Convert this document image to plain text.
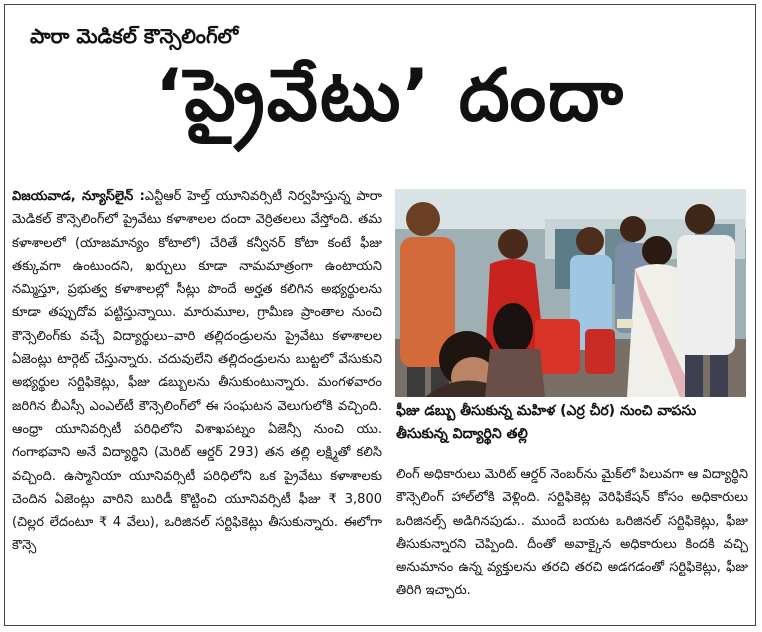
పారా మెడికల్ కౌన్సెలింగ్‌లో
‘ప్రైవేటు’ దందా
విజయవాడ, న్యూస్‌లైన్ :ఎన్టీఆర్ హెల్త్ యూనివర్సిటీ నిర్వహిస్తున్న పారా మెడికల్ కౌన్సెలింగ్‌లో ప్రైవేటు కళాశాలల దందా వెర్రితలలు వేస్తోంది. తమ కళాశాలలో (యాజమాన్యం కోటాలో) చేరితే కన్వీనర్ కోటా కంటే ఫీజు తక్కువగా ఉంటుందని, ఖర్చులు కూడా నామమాత్రంగా ఉంటాయని నమ్మిస్తూ, ప్రభుత్వ కళాశాలల్లో సీట్లు పొందే అర్హత కలిగిన అభ్యర్థులను కూడా తప్పుదోవ పట్టిస్తున్నాయి. మారుమూల, గ్రామీణ ప్రాంతాల నుంచి కౌన్సెలింగ్‌కు వచ్చే విద్యార్థులు–వారి తల్లిదండ్రులను ప్రైవేటు కళాశాలల ఏజెంట్లు టార్గెట్ చేస్తున్నారు. చదువులేని తల్లిదండ్రులను బుట్టలో వేసుకుని అభ్యర్థుల సర్టిఫికెట్లు, ఫీజు డబ్బులను తీసుకుంటున్నారు. మంగళవారం జరిగిన బీఎస్సీ ఎంఎల్‌టీ కౌన్సెలింగ్‌లో ఈ సంఘటన వెలుగులోకి వచ్చింది. ఆంధ్రా యూనివర్సిటీ పరిధిలోని విశాఖపట్నం ఏజెన్సీ నుంచి యు. గంగాభవాని అనే విద్యార్థిని (మెరిట్ ఆర్డర్ 293) తన తల్లి లక్ష్మితో కలిసి వచ్చింది. ఉస్మానియా యూనివర్సిటీ పరిధిలోని ఒక ప్రైవేటు కళాశాలకు చెందిన ఏజెంట్లు వారిని బురిడీ కొట్టించి యూనివర్సిటీ ఫీజు ₹ 3,800 (చిల్లర లేదంటూ ₹ 4 వేలు), ఒరిజినల్ సర్టిఫికెట్లు తీసుకున్నారు. ఈలోగా కౌన్సె
ఫీజు డబ్బు తీసుకున్న మహిళ (ఎర్ర చీర) నుంచి వాపసు తీసుకున్న విద్యార్థిని తల్లి
లింగ్ అధికారులు మెరిట్ ఆర్డర్ నెంబర్‌ను మైక్‌లో పిలువగా ఆ విద్యార్థిని కౌన్సెలింగ్ హాల్‌లోకి వెళ్లింది. సర్టిఫికెట్ల వెరిఫికేషన్ కోసం అధికారులు ఒరిజినల్స్ అడిగినపుడు.. ముందే బయట ఒరిజినల్ సర్టిఫికెట్లు, ఫీజు తీసుకున్నారని చెప్పింది. దీంతో అవాక్కైన అధికారులు కిందకి వచ్చి అనుమానం ఉన్న వ్యక్తులను తరచి తరచి అడగడంతో సర్టిఫికెట్లు, ఫీజు తిరిగి ఇచ్చారు.
